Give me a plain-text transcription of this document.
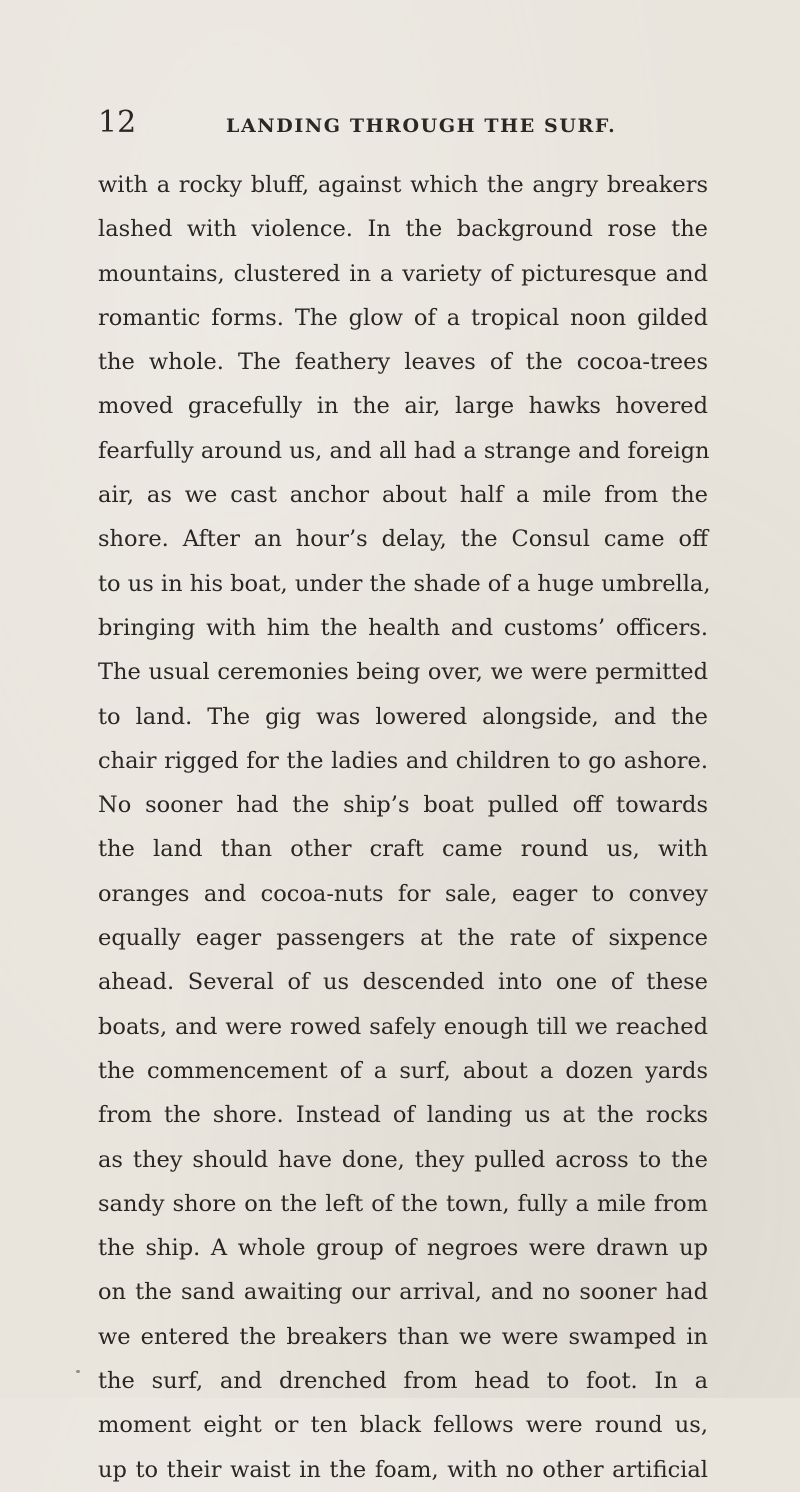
12	LANDING THROUGH THE SURF.
with a rocky bluff, against which the angry breakers
lashed with violence. In the background rose the
mountains, clustered in a variety of picturesque and
romantic forms. The glow of a tropical noon gilded
the whole. The feathery leaves of the cocoa-trees
moved gracefully in the air, large hawks hovered
fearfully around us, and all had a strange and foreign
air, as we cast anchor about half a mile from the
shore. After an hour’s delay, the Consul came off
to us in his boat, under the shade of a huge umbrella,
bringing with him the health and customs’ officers.
The usual ceremonies being over, we were permitted
to land. The gig was lowered alongside, and the
chair rigged for the ladies and children to go ashore.
No sooner had the ship’s boat pulled off towards
the land than other craft came round us, with
oranges and cocoa-nuts for sale, eager to convey
equally eager passengers at the rate of sixpence
ahead. Several of us descended into one of these
boats, and were rowed safely enough till we reached
the commencement of a surf, about a dozen yards
from the shore. Instead of landing us at the rocks
as they should have done, they pulled across to the
sandy shore on the left of the town, fully a mile from
the ship. A whole group of negroes were drawn up
on the sand awaiting our arrival, and no sooner had
we entered the breakers than we were swamped in
the surf, and drenched from head to foot. In a
moment eight or ten black fellows were round us,
up to their waist in the foam, with no other artificial
